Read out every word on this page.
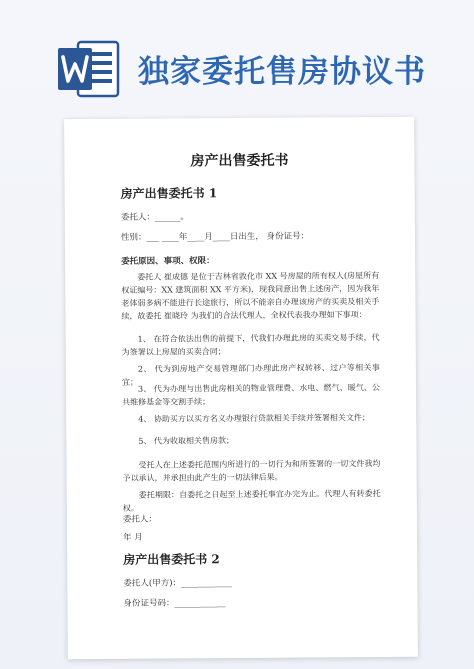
独家委托售房协议书
房产出售委托书
房产出售委托书 1
委托人：______。
性别：___ ____年____月____日出生， 身份证号：
委托原因、事项、权限：
委托人 崔成德 是位于吉林省敦化市 XX 号房屋的所有权人(房屋所有权证编号：XX 建筑面积 XX 平方米)，现我同意出售上述房产，因为我年老体弱多病不能进行长途旅行，所以不能亲自办理该房产的买卖及相关手续，故委托 崔晓玲 为我们的合法代理人，全权代表我办理如下事项：
1、 在符合依法出售的前提下，代我们办理此房的买卖交易手续，代为签署以上房屋的买卖合同；
2、 代为到房地产交易管理部门办理此房产权转移、过户等相关事宜；
3、 代为办理与出售此房相关的物业管理费、水电、燃气、暖气、公共维修基金等交割手续；
4、 协助买方以买方名义办理银行贷款相关手续并签署相关文件；
5、 代为收取相关售房款；
受托人在上述委托范围内所进行的一切行为和所签署的一切文件我均予以承认，并承担由此产生的一切法律后果。
委托期限：自委托之日起至上述委托事宜办完为止。代理人有转委托权。
委托人：
年 月
房产出售委托书 2
委托人(甲方)：____________
身份证号码：____________
